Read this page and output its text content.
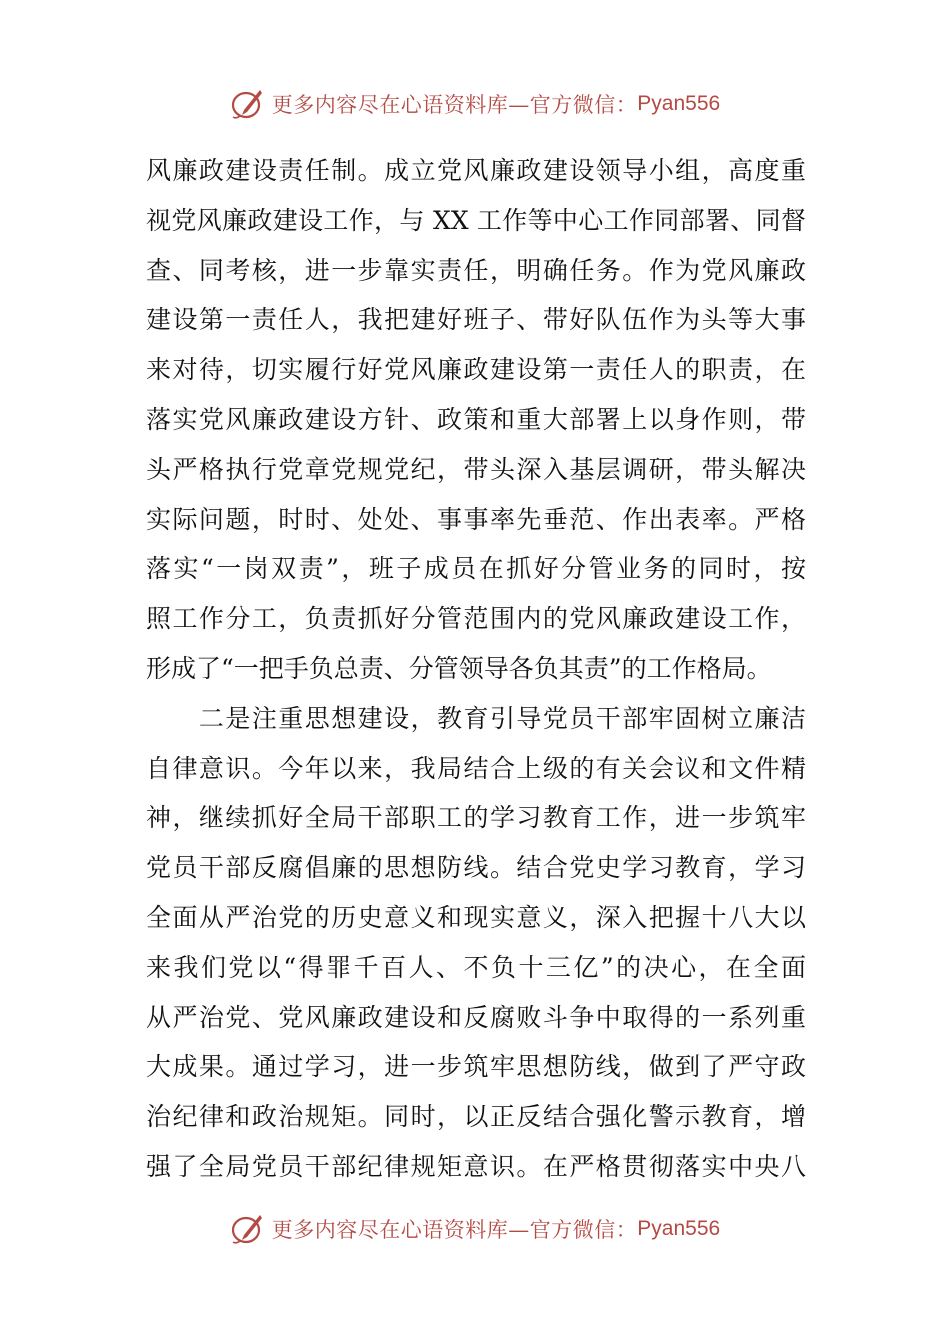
更多内容尽在心语资料库—官方微信： Pyan556
风廉政建设责任制。成立党风廉政建设领导小组，高度重
视党风廉政建设工作，与 XX 工作等中心工作同部署、同督
查、同考核，进一步靠实责任，明确任务。作为党风廉政
建设第一责任人，我把建好班子、带好队伍作为头等大事
来对待，切实履行好党风廉政建设第一责任人的职责，在
落实党风廉政建设方针、政策和重大部署上以身作则，带
头严格执行党章党规党纪，带头深入基层调研，带头解决
实际问题，时时、处处、事事率先垂范、作出表率。严格
落实“一岗双责”，班子成员在抓好分管业务的同时，按
照工作分工，负责抓好分管范围内的党风廉政建设工作，
形成了“一把手负总责、分管领导各负其责”的工作格局。
　　二是注重思想建设，教育引导党员干部牢固树立廉洁
自律意识。今年以来，我局结合上级的有关会议和文件精
神，继续抓好全局干部职工的学习教育工作，进一步筑牢
党员干部反腐倡廉的思想防线。结合党史学习教育，学习
全面从严治党的历史意义和现实意义，深入把握十八大以
来我们党以“得罪千百人、不负十三亿”的决心，在全面
从严治党、党风廉政建设和反腐败斗争中取得的一系列重
大成果。通过学习，进一步筑牢思想防线，做到了严守政
治纪律和政治规矩。同时，以正反结合强化警示教育，增
强了全局党员干部纪律规矩意识。在严格贯彻落实中央八
更多内容尽在心语资料库—官方微信： Pyan556
